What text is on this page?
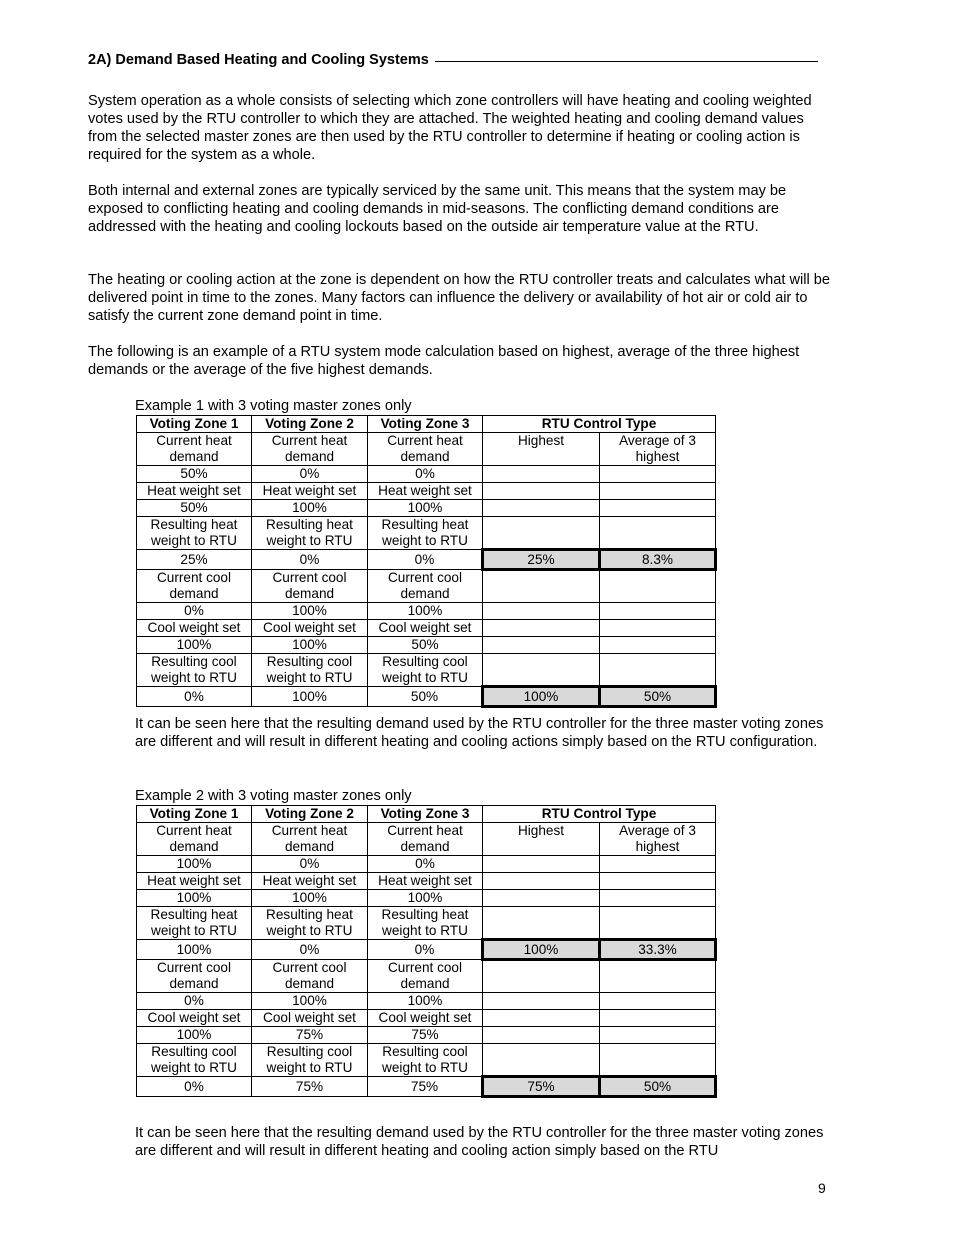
2A) Demand Based Heating and Cooling Systems

System operation as a whole consists of selecting which zone controllers will have heating and cooling weighted votes used by the RTU controller to which they are attached. The weighted heating and cooling demand values from the selected master zones are then used by the RTU controller to determine if heating or cooling action is required for the system as a whole.

Both internal and external zones are typically serviced by the same unit. This means that the system may be exposed to conflicting heating and cooling demands in mid-seasons. The conflicting demand conditions are addressed with the heating and cooling lockouts based on the outside air temperature value at the RTU.

The heating or cooling action at the zone is dependent on how the RTU controller treats and calculates what will be delivered point in time to the zones. Many factors can influence the delivery or availability of hot air or cold air to satisfy the current zone demand point in time.

The following is an example of a RTU system mode calculation based on highest, average of the three highest demands or the average of the five highest demands.

Example 1 with 3 voting master zones only

Voting Zone 1	Voting Zone 2	Voting Zone 3	RTU Control Type	
Current heat demand	Current heat demand	Current heat demand	Highest	Average of 3 highest
50%	0%	0%		
Heat weight set	Heat weight set	Heat weight set		
50%	100%	100%		
Resulting heat weight to RTU	Resulting heat weight to RTU	Resulting heat weight to RTU		
25%	0%	0%	25%	8.3%
Current cool demand	Current cool demand	Current cool demand		
0%	100%	100%		
Cool weight set	Cool weight set	Cool weight set		
100%	100%	50%		
Resulting cool weight to RTU	Resulting cool weight to RTU	Resulting cool weight to RTU		
0%	100%	50%	100%	50%

It can be seen here that the resulting demand used by the RTU controller for the three master voting zones are different and will result in different heating and cooling actions simply based on the RTU configuration.

Example 2 with 3 voting master zones only

Voting Zone 1	Voting Zone 2	Voting Zone 3	RTU Control Type	
Current heat demand	Current heat demand	Current heat demand	Highest	Average of 3 highest
100%	0%	0%		
Heat weight set	Heat weight set	Heat weight set		
100%	100%	100%		
Resulting heat weight to RTU	Resulting heat weight to RTU	Resulting heat weight to RTU		
100%	0%	0%	100%	33.3%
Current cool demand	Current cool demand	Current cool demand		
0%	100%	100%		
Cool weight set	Cool weight set	Cool weight set		
100%	75%	75%		
Resulting cool weight to RTU	Resulting cool weight to RTU	Resulting cool weight to RTU		
0%	75%	75%	75%	50%

It can be seen here that the resulting demand used by the RTU controller for the three master voting zones are different and will result in different heating and cooling action simply based on the RTU

9
